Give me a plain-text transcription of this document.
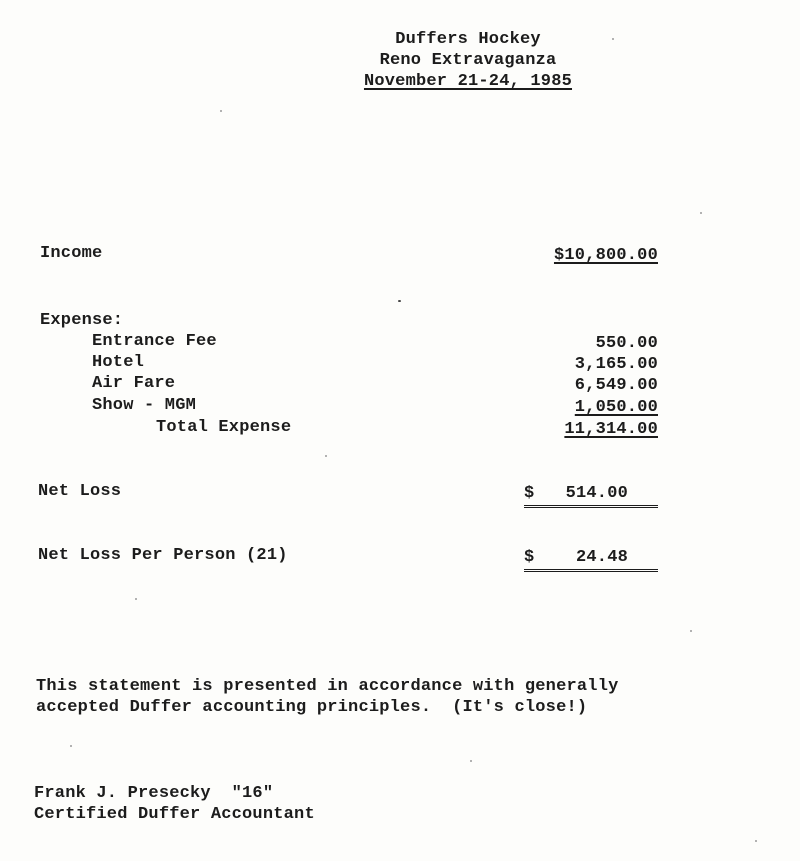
Duffers Hockey
Reno Extravaganza
November 21-24, 1985
Income	$10,800.00
Expense:
Entrance Fee	550.00
Hotel	3,165.00
Air Fare	6,549.00
Show - MGM	1,050.00
Total Expense	11,314.00
Net Loss	$   514.00
Net Loss Per Person (21)	$    24.48
This statement is presented in accordance with generally
accepted Duffer accounting principles.  (It's close!)
Frank J. Presecky  "16"
Certified Duffer Accountant
